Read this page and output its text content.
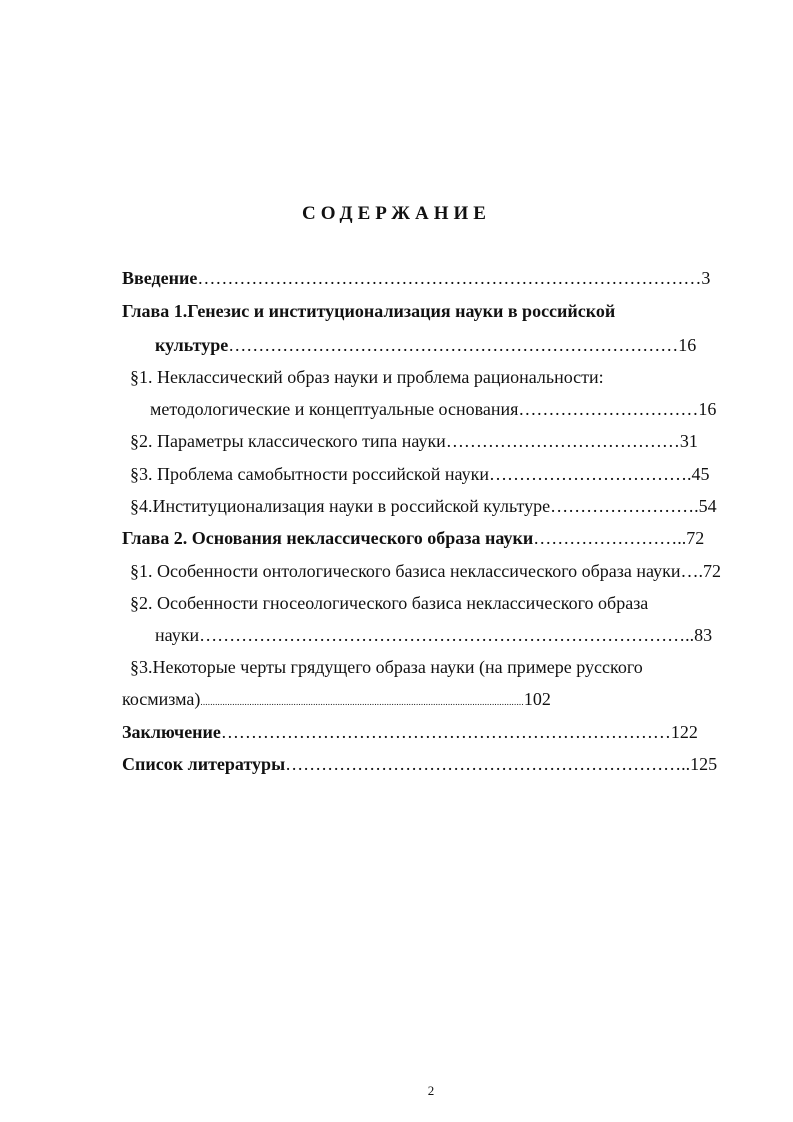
СОДЕРЖАНИЕ
Введение…………………………………………………………………………3
Глава 1.Генезис и институционализация науки в российской
культуре…………………………………………………………………16
§1. Неклассический образ науки и проблема рациональности:
методологические и концептуальные основания…………………………16
§2. Параметры классического типа науки…………………………………31
§3. Проблема самобытности российской науки…………………………….45
§4.Институционализация науки в российской культуре…………………….54
Глава 2. Основания неклассического образа науки……………………..72
§1. Особенности онтологического базиса неклассического образа науки….72
§2. Особенности гносеологического базиса неклассического образа
науки………………………………………………………………………..83
§3.Некоторые черты грядущего образа науки (на примере русского
космизма)....................................................................................................................................102
Заключение…………………………………………………………………122
Список литературы…………………………………………………………..125
2
